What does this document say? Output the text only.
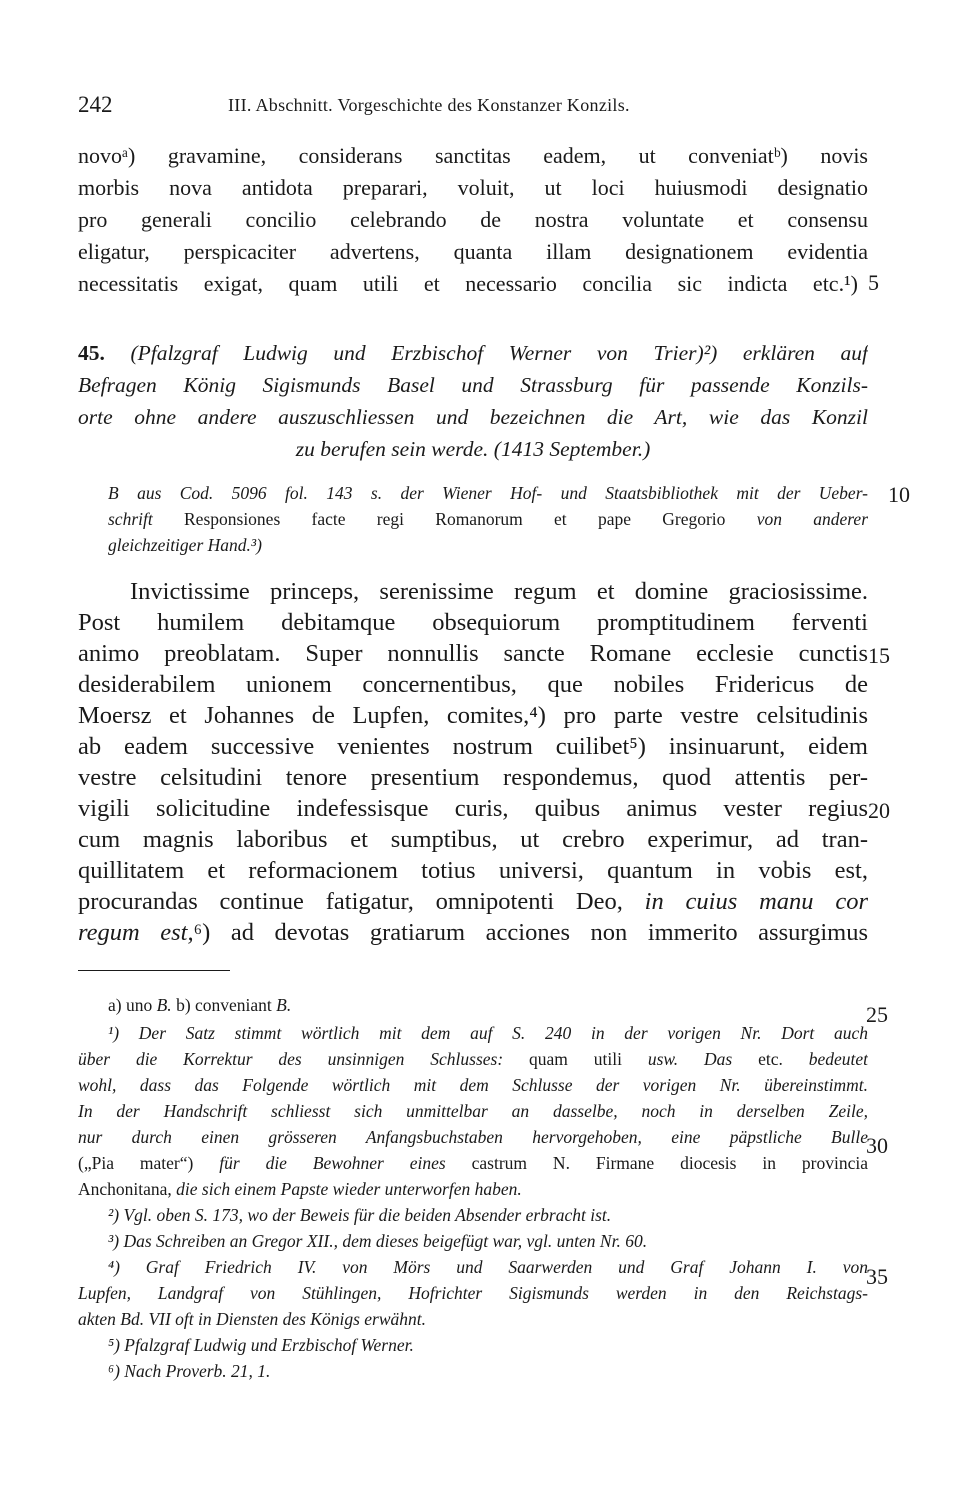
242	III. Abschnitt. Vorgeschichte des Konstanzer Konzils.
novoᵃ) gravamine, considerans sanctitas eadem, ut conveniatᵇ) novis
morbis nova antidota preparari, voluit, ut loci huiusmodi designatio
pro generali concilio celebrando de nostra voluntate et consensu
eligatur, perspicaciter advertens, quanta illam designationem evidentia
necessitatis exigat, quam utili et necessario concilia sic indicta etc.¹) 5
45. (Pfalzgraf Ludwig und Erzbischof Werner von Trier)²) erklären auf
Befragen König Sigismunds Basel und Strassburg für passende Konzils-
orte ohne andere auszuschliessen und bezeichnen die Art, wie das Konzil
zu berufen sein werde. (1413 September.)
B aus Cod. 5096 fol. 143 s. der Wiener Hof- und Staatsbibliothek mit der Ueber-
schrift Responsiones facte regi Romanorum et pape Gregorio von anderer
gleichzeitiger Hand.³)
10
Invictissime princeps, serenissime regum et domine graciosissime.
Post humilem debitamque obsequiorum promptitudinem ferventi
animo preoblatam. Super nonnullis sancte Romane ecclesie cunctis
desiderabilem unionem concernentibus, que nobiles Fridericus de
Moersz et Johannes de Lupfen, comites,⁴) pro parte vestre celsitudinis
ab eadem successive venientes nostrum cuilibet⁵) insinuarunt, eidem
vestre celsitudini tenore presentium respondemus, quod attentis per-
vigili solicitudine indefessisque curis, quibus animus vester regius
cum magnis laboribus et sumptibus, ut crebro experimur, ad tran-
quillitatem et reformacionem totius universi, quantum in vobis est,
procurandas continue fatigatur, omnipotenti Deo, in cuius manu cor
regum est,⁶) ad devotas gratiarum acciones non immerito assurgimus
15
20
a) uno B. b) conveniant B.
¹) Der Satz stimmt wörtlich mit dem auf S. 240 in der vorigen Nr. Dort auch
über die Korrektur des unsinnigen Schlusses: quam utili usw. Das etc. bedeutet
wohl, dass das Folgende wörtlich mit dem Schlusse der vorigen Nr. übereinstimmt.
In der Handschrift schliesst sich unmittelbar an dasselbe, noch in derselben Zeile,
nur durch einen grösseren Anfangsbuchstaben hervorgehoben, eine päpstliche Bulle
(„Pia mater“) für die Bewohner eines castrum N. Firmane diocesis in provincia
Anchonitana, die sich einem Papste wieder unterworfen haben.
²) Vgl. oben S. 173, wo der Beweis für die beiden Absender erbracht ist.
³) Das Schreiben an Gregor XII., dem dieses beigefügt war, vgl. unten Nr. 60.
⁴) Graf Friedrich IV. von Mörs und Saarwerden und Graf Johann I. von
Lupfen, Landgraf von Stühlingen, Hofrichter Sigismunds werden in den Reichstags-
akten Bd. VII oft in Diensten des Königs erwähnt.
⁵) Pfalzgraf Ludwig und Erzbischof Werner.
⁶) Nach Proverb. 21, 1.
25
30
35
